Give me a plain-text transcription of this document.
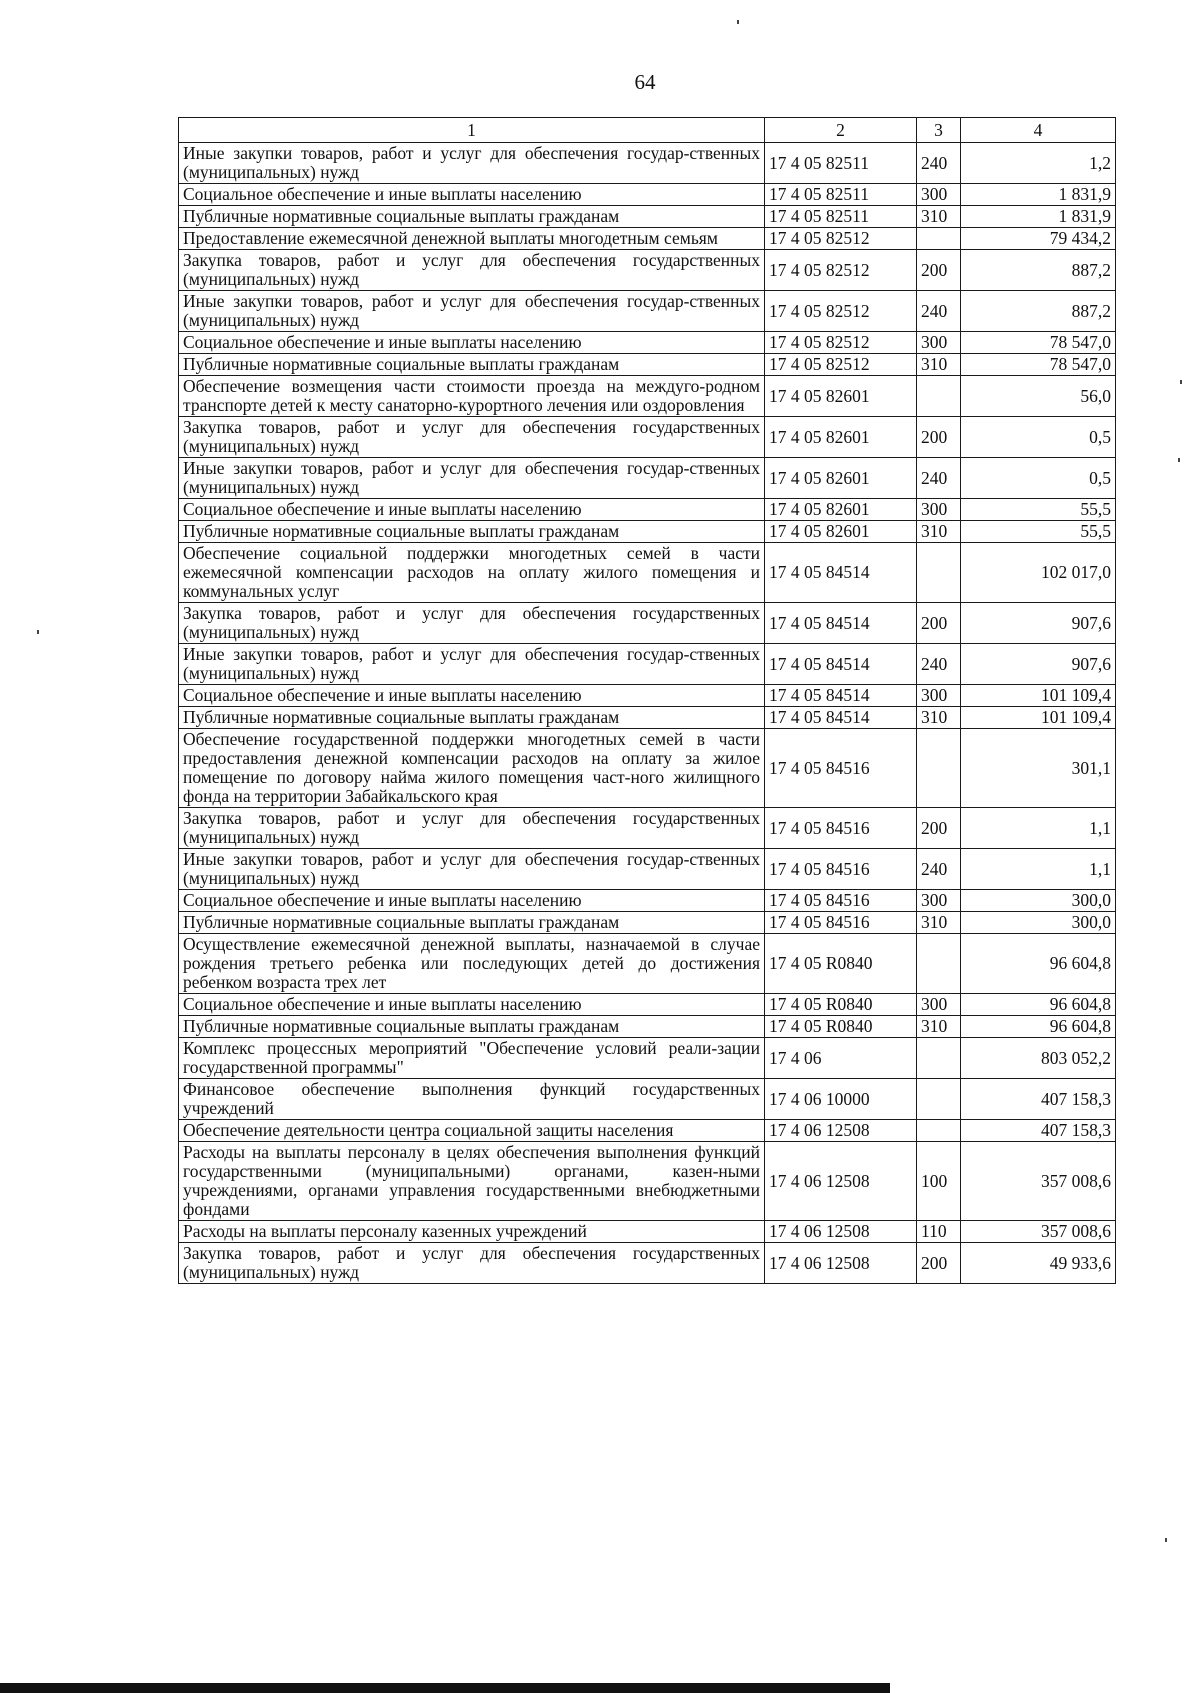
64
1	2	3	4
Иные закупки товаров, работ и услуг для обеспечения государ-ственных (муниципальных) нужд	17 4 05 82511	240	1,2
Социальное обеспечение и иные выплаты населению	17 4 05 82511	300	1 831,9
Публичные нормативные социальные выплаты гражданам	17 4 05 82511	310	1 831,9
Предоставление ежемесячной денежной выплаты многодетным семьям	17 4 05 82512		79 434,2
Закупка товаров, работ и услуг для обеспечения государственных (муниципальных) нужд	17 4 05 82512	200	887,2
Иные закупки товаров, работ и услуг для обеспечения государ-ственных (муниципальных) нужд	17 4 05 82512	240	887,2
Социальное обеспечение и иные выплаты населению	17 4 05 82512	300	78 547,0
Публичные нормативные социальные выплаты гражданам	17 4 05 82512	310	78 547,0
Обеспечение возмещения части стоимости проезда на междуго-родном транспорте детей к месту санаторно-курортного лечения или оздоровления	17 4 05 82601		56,0
Закупка товаров, работ и услуг для обеспечения государственных (муниципальных) нужд	17 4 05 82601	200	0,5
Иные закупки товаров, работ и услуг для обеспечения государ-ственных (муниципальных) нужд	17 4 05 82601	240	0,5
Социальное обеспечение и иные выплаты населению	17 4 05 82601	300	55,5
Публичные нормативные социальные выплаты гражданам	17 4 05 82601	310	55,5
Обеспечение социальной поддержки многодетных семей в части ежемесячной компенсации расходов на оплату жилого помещения и коммунальных услуг	17 4 05 84514		102 017,0
Закупка товаров, работ и услуг для обеспечения государственных (муниципальных) нужд	17 4 05 84514	200	907,6
Иные закупки товаров, работ и услуг для обеспечения государ-ственных (муниципальных) нужд	17 4 05 84514	240	907,6
Социальное обеспечение и иные выплаты населению	17 4 05 84514	300	101 109,4
Публичные нормативные социальные выплаты гражданам	17 4 05 84514	310	101 109,4
Обеспечение государственной поддержки многодетных семей в части предоставления денежной компенсации расходов на оплату за жилое помещение по договору найма жилого помещения част-ного жилищного фонда на территории Забайкальского края	17 4 05 84516		301,1
Закупка товаров, работ и услуг для обеспечения государственных (муниципальных) нужд	17 4 05 84516	200	1,1
Иные закупки товаров, работ и услуг для обеспечения государ-ственных (муниципальных) нужд	17 4 05 84516	240	1,1
Социальное обеспечение и иные выплаты населению	17 4 05 84516	300	300,0
Публичные нормативные социальные выплаты гражданам	17 4 05 84516	310	300,0
Осуществление ежемесячной денежной выплаты, назначаемой в случае рождения третьего ребенка или последующих детей до достижения ребенком возраста трех лет	17 4 05 R0840		96 604,8
Социальное обеспечение и иные выплаты населению	17 4 05 R0840	300	96 604,8
Публичные нормативные социальные выплаты гражданам	17 4 05 R0840	310	96 604,8
Комплекс процессных мероприятий "Обеспечение условий реали-зации государственной программы"	17 4 06		803 052,2
Финансовое обеспечение выполнения функций государственных учреждений	17 4 06 10000		407 158,3
Обеспечение деятельности центра социальной защиты населения	17 4 06 12508		407 158,3
Расходы на выплаты персоналу в целях обеспечения выполнения функций государственными (муниципальными) органами, казен-ными учреждениями, органами управления государственными внебюджетными фондами	17 4 06 12508	100	357 008,6
Расходы на выплаты персоналу казенных учреждений	17 4 06 12508	110	357 008,6
Закупка товаров, работ и услуг для обеспечения государственных (муниципальных) нужд	17 4 06 12508	200	49 933,6
